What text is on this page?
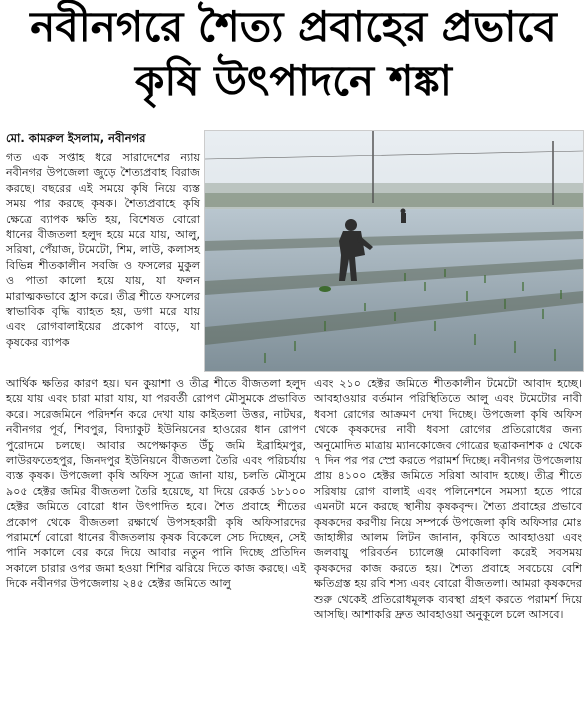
নবীনগরে শৈত্য প্রবাহের প্রভাবে
কৃষি উৎপাদনে শঙ্কা
মো. কামরুল ইসলাম, নবীনগর

গত এক সপ্তাহ ধরে সারাদেশের ন্যায় নবীনগর উপজেলা জুড়ে শৈত্যপ্রবাহ বিরাজ করছে। বছরের এই সময়ে কৃষি নিয়ে ব্যস্ত সময় পার করছে কৃষক। শৈত্যপ্রবাহে কৃষি ক্ষেত্রে ব্যাপক ক্ষতি হয়, বিশেষত বোরো ধানের বীজতলা হলুদ হয়ে মরে যায়, আলু, সরিষা, পেঁয়াজ, টমেটো, শিম, লাউ, কলাসহ বিভিন্ন শীতকালীন সবজি ও ফসলের মুকুল ও পাতা কালো হয়ে যায়, যা ফলন মারাত্মকভাবে হ্রাস করে। তীব্র শীতে ফসলের স্বাভাবিক বৃদ্ধি ব্যাহত হয়, ডগা মরে যায় এবং রোগবালাইয়ের প্রকোপ বাড়ে, যা কৃষকের ব্যাপক

আর্থিক ক্ষতির কারণ হয়। ঘন কুয়াশা ও তীব্র শীতে বীজতলা হলুদ হয়ে যায় এবং চারা মারা যায়, যা পরবর্তী রোপণ মৌসুমকে প্রভাবিত করে। সরেজমিনে পরিদর্শন করে দেখা যায় কাইতলা উত্তর, নাটঘর, নবীনগর পূর্ব, শিবপুর, বিদ্যাকুট ইউনিয়নের হাওরের ধান রোপণ পুরোদমে চলছে। আবার অপেক্ষাকৃত উঁচু জমি ইব্রাহিমপুর, লাউরফতেহপুর, জিনদপুর ইউনিয়নে বীজতলা তৈরি এবং পরিচর্যায় ব্যস্ত কৃষক। উপজেলা কৃষি অফিস সূত্রে জানা যায়, চলতি মৌসুমে ৯০৫ হেক্টর জমির বীজতলা তৈরি হয়েছে, যা দিয়ে রেকর্ড ১৮১০০ হেক্টর জমিতে বোরো ধান উৎপাদিত হবে। শৈত প্রবাহে শীতের প্রকোপ থেকে বীজতলা রক্ষার্থে উপসহকারী কৃষি অফিসারদের পরামর্শে বোরো ধানের বীজতলায় কৃষক বিকেলে সেচ দিচ্ছেন, সেই পানি সকালে বের করে দিয়ে আবার নতুন পানি দিচ্ছে প্রতিদিন সকালে চারার ওপর জমা হওয়া শিশির ঝরিয়ে দিতে কাজ করছে। এই দিকে নবীনগর উপজেলায় ২৪৫ হেক্টর জমিতে আলু

এবং ২১০ হেক্টর জমিতে শীতকালীন টমেটো আবাদ হচ্ছে। আবহাওয়ার বর্তমান পরিস্থিতিতে আলু এবং টমেটোর নাবী ধবসা রোগের আক্রমণ দেখা দিচ্ছে। উপজেলা কৃষি অফিস থেকে কৃষকদের নাবী ধবসা রোগের প্রতিরোধের জন্য অনুমোদিত মাত্রায় ম্যানকোজেব গোত্রের ছত্রাকনাশক ৫ থেকে ৭ দিন পর পর স্প্রে করতে পরামর্শ দিচ্ছে। নবীনগর উপজেলায় প্রায় ৪১০০ হেক্টর জমিতে সরিষা আবাদ হচ্ছে। তীব্র শীতে সরিষায় রোগ বালাই এবং পলিনেশনে সমস্যা হতে পারে এমনটা মনে করছে স্থানীয় কৃষকবৃন্দ। শৈত্য প্রবাহের প্রভাবে কৃষকদের করণীয় নিয়ে সম্পর্কে উপজেলা কৃষি অফিসার মোঃ জাহাঙ্গীর আলম লিটন জানান, কৃষিতে আবহাওয়া এবং জলবায়ু পরিবর্তন চ্যালেঞ্জ মোকাবিলা করেই সবসময় কৃষকদের কাজ করতে হয়। শৈত্য প্রবাহে সবচেয়ে বেশি ক্ষতিগ্রস্ত হয় রবি শস্য এবং বোরো বীজতলা। আমরা কৃষকদের শুরু থেকেই প্রতিরোধমূলক ব্যবস্থা গ্রহণ করতে পরামর্শ দিয়ে আসছি। আশাকরি দ্রুত আবহাওয়া অনুকূলে চলে আসবে।
